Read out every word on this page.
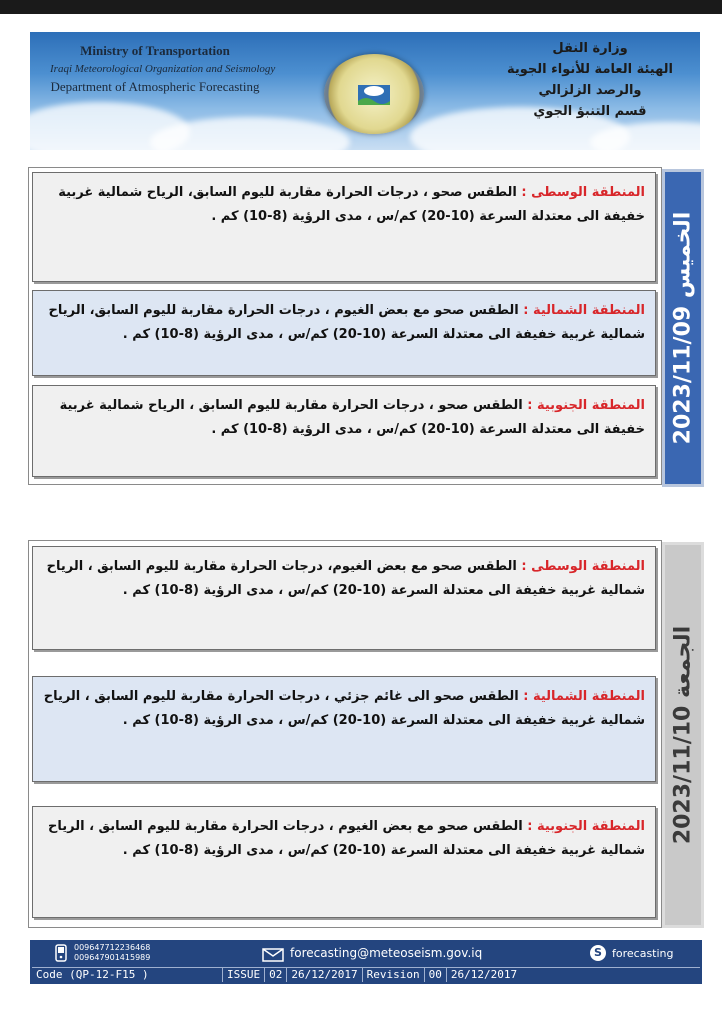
Ministry of Transportation
Iraqi Meteorological Organization and Seismology
Department of Atmospheric Forecasting
وزارة النقل
الهيئة العامة للأنواء الجوية والرصد الزلزالي
قسم التنبؤ الجوي
الخميس 2023/11/09
المنطقة الوسطى : الطقس صحو ، درجات الحرارة مقاربة لليوم السابق، الرياح شمالية غربية خفيفة الى معتدلة السرعة (10-20) كم/س ، مدى الرؤية (8-10) كم .
المنطقة الشمالية : الطقس صحو مع بعض الغيوم ، درجات الحرارة مقاربة لليوم السابق، الرياح شمالية غربية خفيفة الى معتدلة السرعة (10-20) كم/س ، مدى الرؤية (8-10) كم .
المنطقة الجنوبية : الطقس صحو ، درجات الحرارة مقاربة لليوم السابق ، الرياح شمالية غربية خفيفة الى معتدلة السرعة (10-20) كم/س ، مدى الرؤية (8-10) كم .
الجمعة 2023/11/10
المنطقة الوسطى : الطقس صحو مع بعض الغيوم، درجات الحرارة مقاربة لليوم السابق ، الرياح شمالية غربية خفيفة الى معتدلة السرعة (10-20) كم/س ، مدى الرؤية (8-10) كم .
المنطقة الشمالية : الطقس صحو الى غائم جزئي ، درجات الحرارة مقاربة لليوم السابق ، الرياح شمالية غربية خفيفة الى معتدلة السرعة (10-20) كم/س ، مدى الرؤية (8-10) كم .
المنطقة الجنوبية : الطقس صحو مع بعض الغيوم ، درجات الحرارة مقاربة لليوم السابق ، الرياح شمالية غربية خفيفة الى معتدلة السرعة (10-20) كم/س ، مدى الرؤية (8-10) كم .
009647712236468
009647901415989	forecasting@meteoseism.gov.iq	S forecasting
Code (QP-12-F15 )	ISSUE 02 26/12/2017 Revision 00 26/12/2017
